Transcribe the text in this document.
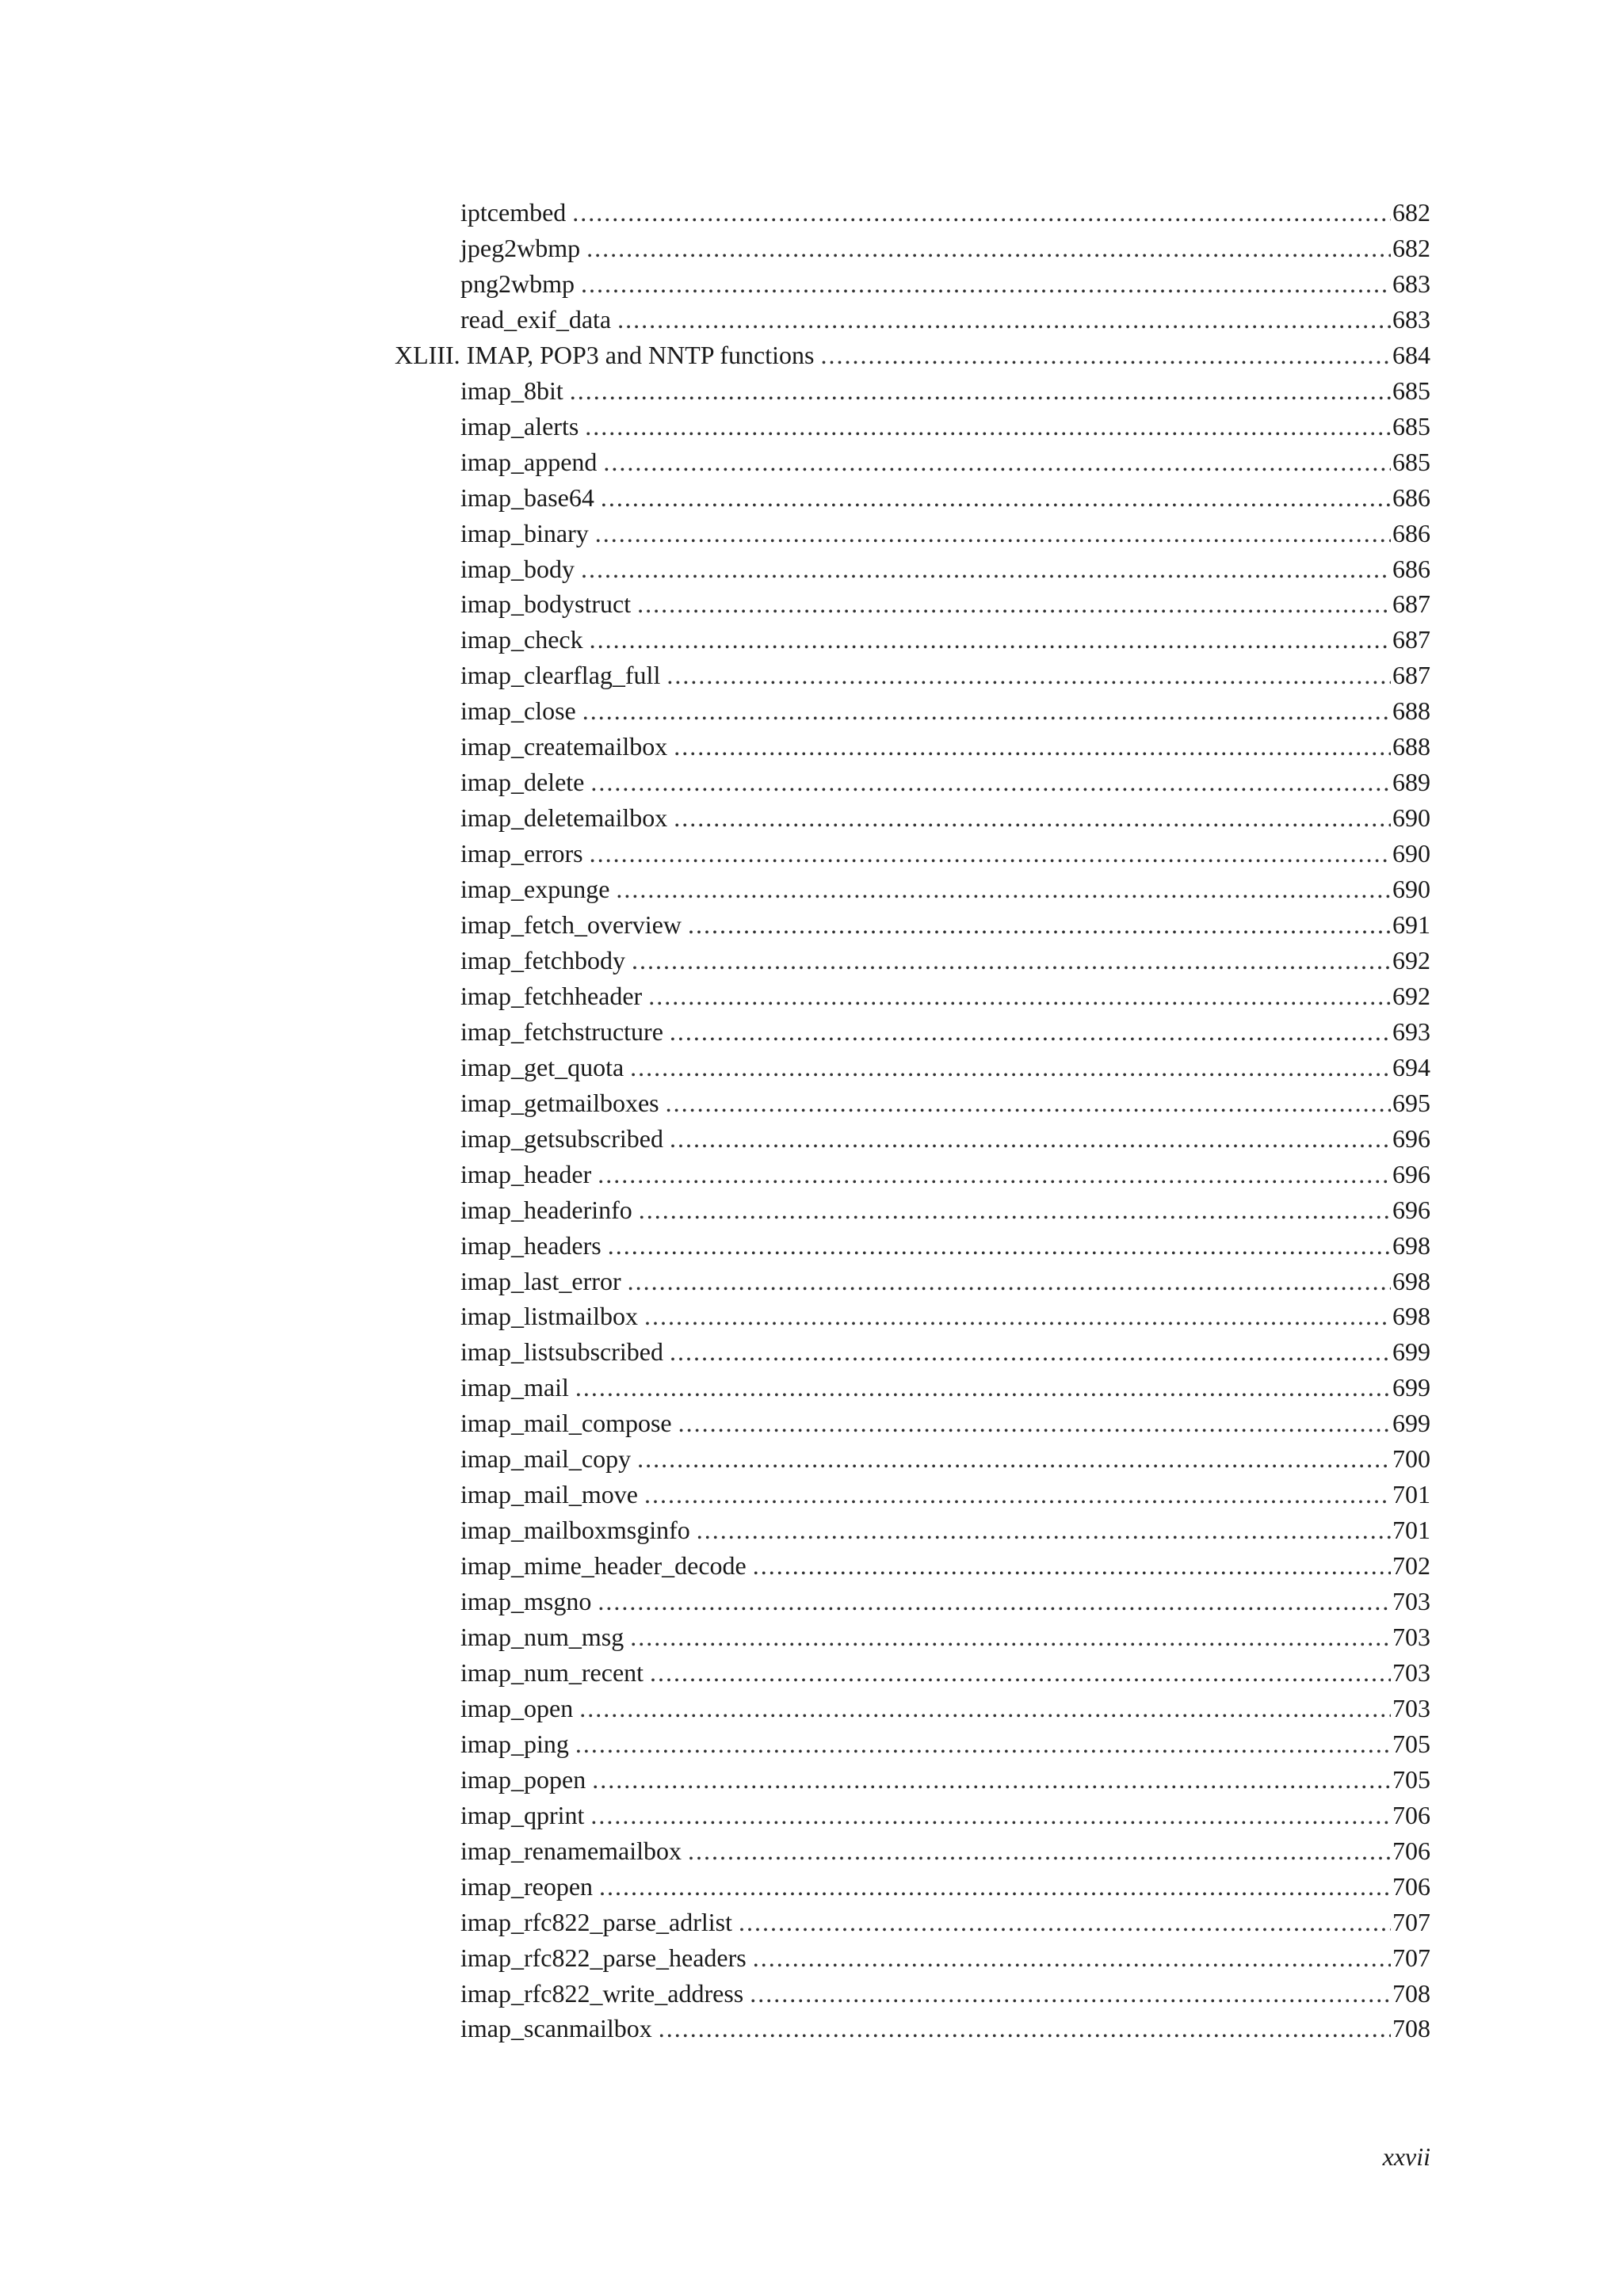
iptcembed .....	682
jpeg2wbmp .....	682
png2wbmp .....	683
read_exif_data .....	683
XLIII. IMAP, POP3 and NNTP functions .....	684
imap_8bit .....	685
imap_alerts .....	685
imap_append .....	685
imap_base64 .....	686
imap_binary .....	686
imap_body .....	686
imap_bodystruct .....	687
imap_check .....	687
imap_clearflag_full .....	687
imap_close .....	688
imap_createmailbox .....	688
imap_delete .....	689
imap_deletemailbox .....	690
imap_errors .....	690
imap_expunge .....	690
imap_fetch_overview .....	691
imap_fetchbody .....	692
imap_fetchheader .....	692
imap_fetchstructure .....	693
imap_get_quota .....	694
imap_getmailboxes .....	695
imap_getsubscribed .....	696
imap_header .....	696
imap_headerinfo .....	696
imap_headers .....	698
imap_last_error .....	698
imap_listmailbox .....	698
imap_listsubscribed .....	699
imap_mail .....	699
imap_mail_compose .....	699
imap_mail_copy .....	700
imap_mail_move .....	701
imap_mailboxmsginfo .....	701
imap_mime_header_decode .....	702
imap_msgno .....	703
imap_num_msg .....	703
imap_num_recent .....	703
imap_open .....	703
imap_ping .....	705
imap_popen .....	705
imap_qprint .....	706
imap_renamemailbox .....	706
imap_reopen .....	706
imap_rfc822_parse_adrlist .....	707
imap_rfc822_parse_headers .....	707
imap_rfc822_write_address .....	708
imap_scanmailbox .....	708
xxvii
